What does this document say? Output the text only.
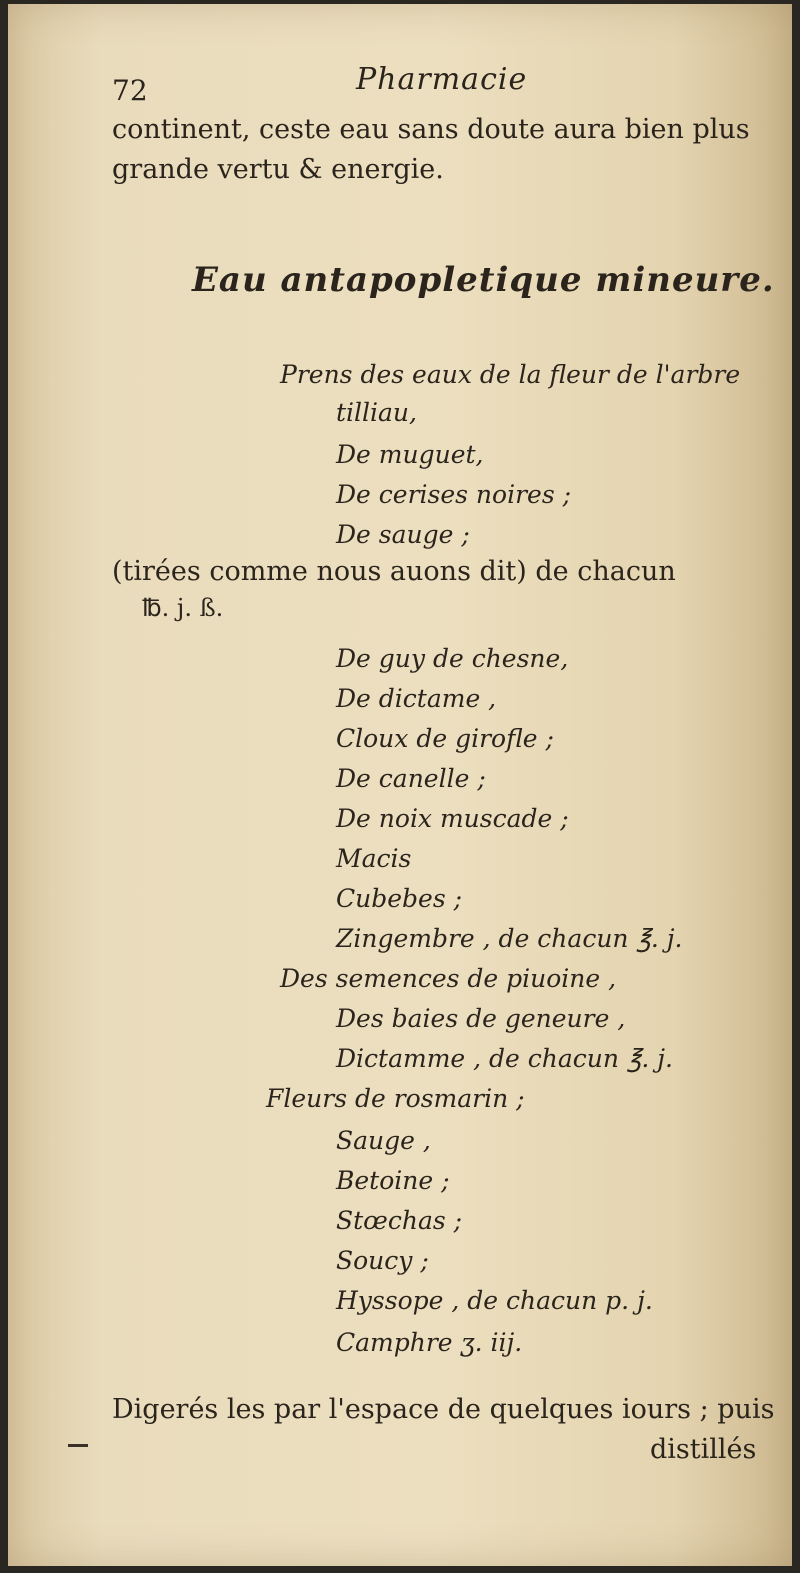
72	Pharmacie
continent, ceste eau sans doute aura bien plus
grande vertu & energie.
Eau antapopletique mineure.
Prens des eaux de la fleur de l'arbre
tilliau,
De muguet,
De cerises noires ;
De sauge ;
(tirées comme nous auons dit) de chacun
℔. j. ß.
De guy de chesne,
De dictame ,
Cloux de girofle ;
De canelle ;
De noix muscade ;
Macis
Cubebes ;
Zingembre , de chacun ℥. j.
Des semences de piuoine ,
Des baies de geneure ,
Dictamme , de chacun ℥. j.
Fleurs de rosmarin ;
Sauge ,
Betoine ;
Stœchas ;
Soucy ;
Hyssope , de chacun p. j.
Camphre ʒ. iij.
Digerés les par l'espace de quelques iours ; puis
distillés
